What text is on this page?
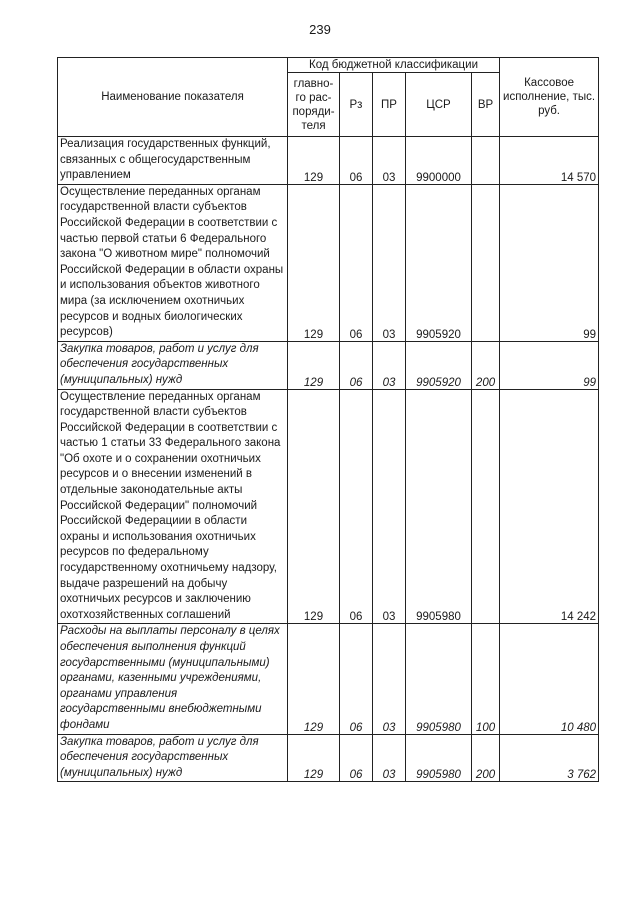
239
Наименование показателя	Код бюджетной классификации					Кассовое исполнение, тыс. руб.
	главно-го рас-поряди-теля	Рз	ПР	ЦСР	ВР	
Реализация государственных функций, связанных с общегосударственным управлением	129	06	03	9900000		14 570
Осуществление переданных органам государственной власти субъектов Российской Федерации в соответствии с частью первой статьи 6 Федерального закона "О животном мире" полномочий Российской Федерации в области охраны и использования объектов животного мира (за исключением охотничьих ресурсов и водных биологических ресурсов)	129	06	03	9905920		99
Закупка товаров, работ и услуг для обеспечения государственных (муниципальных) нужд	129	06	03	9905920	200	99
Осуществление переданных органам государственной власти субъектов Российской Федерации в соответствии с частью 1 статьи 33 Федерального закона "Об охоте и о сохранении охотничьих ресурсов и о внесении изменений в отдельные законодательные акты Российской Федерации" полномочий Российской Федерациии в области охраны и использования охотничьих ресурсов по федеральному государственному охотничьему надзору, выдаче разрешений на добычу охотничьих ресурсов и заключению охотхозяйственных соглашений	129	06	03	9905980		14 242
Расходы на выплаты персоналу в целях обеспечения выполнения функций государственными (муниципальными) органами, казенными учреждениями, органами управления государственными внебюджетными фондами	129	06	03	9905980	100	10 480
Закупка товаров, работ и услуг для обеспечения государственных (муниципальных) нужд	129	06	03	9905980	200	3 762
